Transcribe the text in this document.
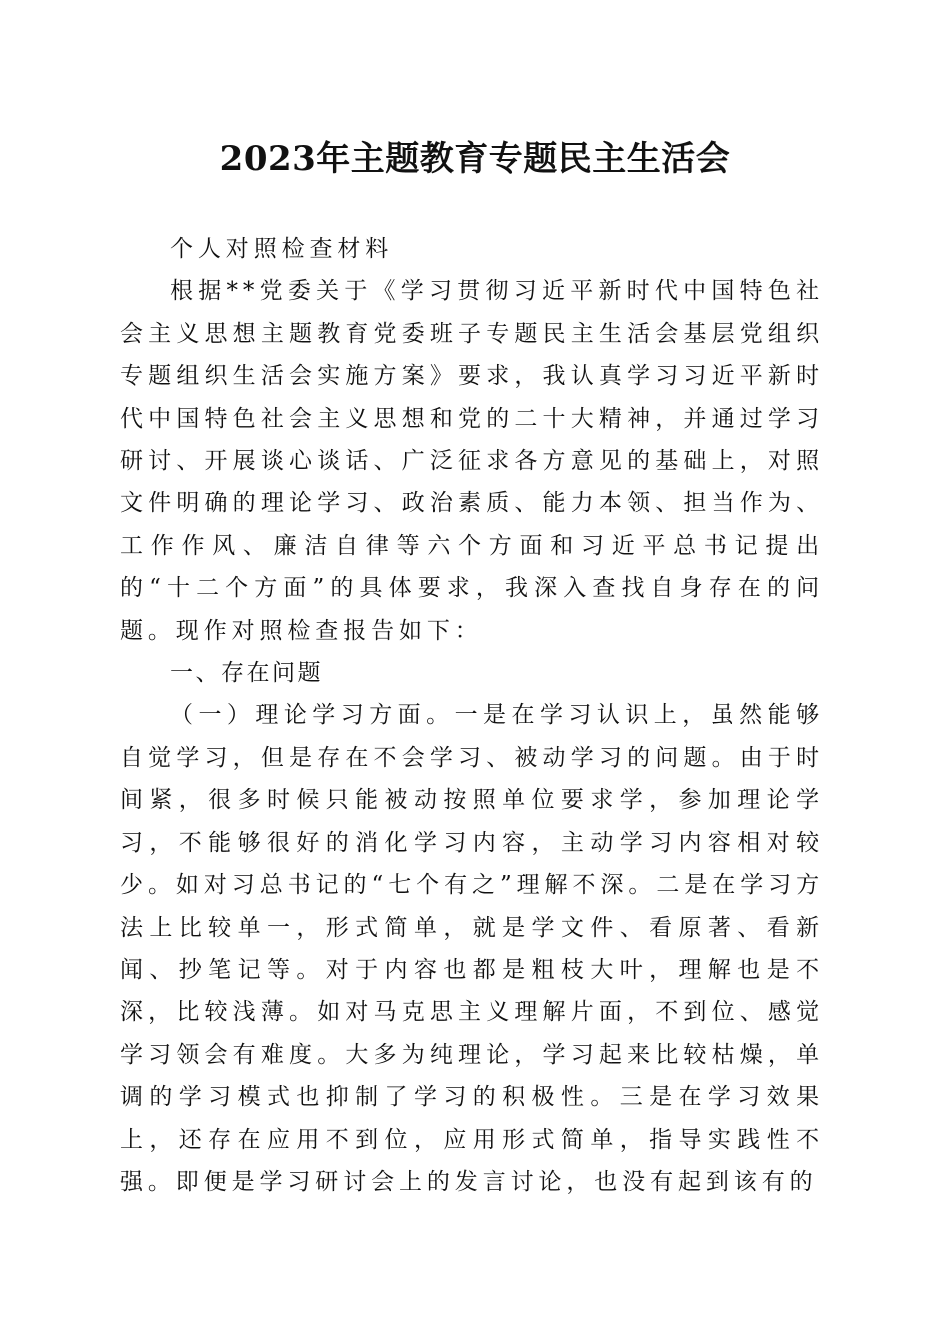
2023年主题教育专题民主生活会

个人对照检查材料

根据**党委关于《学习贯彻习近平新时代中国特色社会主义思想主题教育党委班子专题民主生活会基层党组织专题组织生活会实施方案》要求，我认真学习习近平新时代中国特色社会主义思想和党的二十大精神，并通过学习研讨、开展谈心谈话、广泛征求各方意见的基础上，对照文件明确的理论学习、政治素质、能力本领、担当作为、工作作风、廉洁自律等六个方面和习近平总书记提出的“十二个方面”的具体要求，我深入查找自身存在的问题。现作对照检查报告如下：

一、存在问题

（一）理论学习方面。一是在学习认识上，虽然能够自觉学习，但是存在不会学习、被动学习的问题。由于时间紧，很多时候只能被动按照单位要求学，参加理论学习，不能够很好的消化学习内容，主动学习内容相对较少。如对习总书记的“七个有之”理解不深。二是在学习方法上比较单一，形式简单，就是学文件、看原著、看新闻、抄笔记等。对于内容也都是粗枝大叶，理解也是不深，比较浅薄。如对马克思主义理解片面，不到位、感觉学习领会有难度。大多为纯理论，学习起来比较枯燥，单调的学习模式也抑制了学习的积极性。三是在学习效果上，还存在应用不到位，应用形式简单，指导实践性不强。即便是学习研讨会上的发言讨论，也没有起到该有的
